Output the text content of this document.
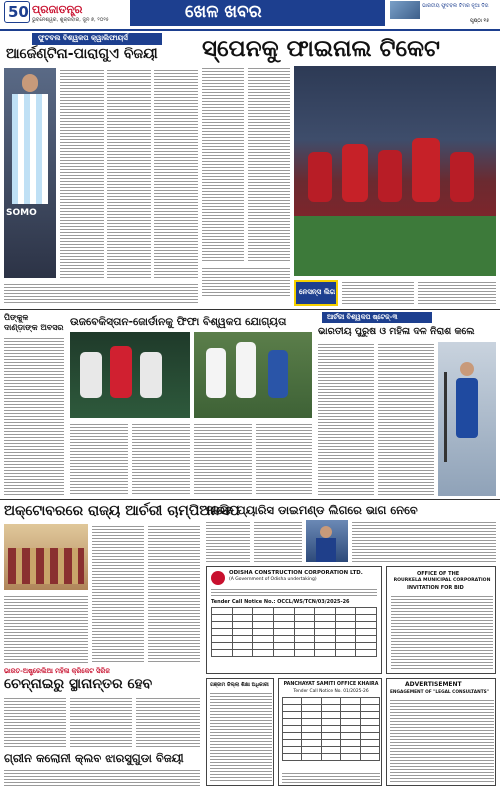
50 ପ୍ରଜାତନ୍ତ୍ର
ଭୁବନେଶ୍ୱର, ଶୁକ୍ରବାର, ଜୁନ ୭, ୨୦୨୫	ଖେଳ ଖବର	ଭାରତୀୟ ଫୁଟବଲ ଟିମର ନୂଆ ଦିଗ
ପୃଷ୍ଠା ୧୫
ଫୁଟବଲ ବିଶ୍ୱକପ କ୍ୱାଲିଫାୟର୍ସ
ଆର୍ଜେଣ୍ଟିନା-ପାରାଗୁଏ ବିଜୟୀ
SOMO
ସ୍ପେନକୁ ଫାଇନାଲ ଟିକେଟ
ନେସନ୍ସ ଲିଗ
ପିଙ୍କୁଳ ଦାଣ୍ଡ଼ାଙ୍କ ଅବସର ଉଜବେକିସ୍ତାନ-ଜୋର୍ଡାନକୁ ଫିଫା ବିଶ୍ୱକପ ଯୋଗ୍ୟତା	ଆର୍ଚରୀ ବିଶ୍ୱକପ ଷ୍ଟେଜ୍-୩
ଭାରତୀୟ ପୁରୁଷ ଓ ମହିଳା ଦଳ ନିରାଶ କଲେ
ଅକ୍ଟୋବରରେ ରାଜ୍ୟ ଆର୍ଚରୀ ଚାମ୍ପିଅନସିପ
ଭାରତ-ଅଷ୍ଟ୍ରେଲିଆ ମହିଳା କ୍ରିକେଟ ସିରିଜ
ଚେନ୍ନାଇରୁ ସ୍ଥାନାନ୍ତର ହେବ
ଗ୍ରୀନ କଲୋନୀ କ୍ଲବ ଝାରସୁଗୁଡା ବିଜୟୀ
ନୀରଜ ପ୍ୟାରିସ ଡାଇମଣ୍ଡ ଲିଗରେ ଭାଗ ନେବେ
ODISHA CONSTRUCTION CORPORATION LTD.
(A Government of Odisha undertaking)
Tender Call Notice No.: OCCL/WS/TCN/03/2025-26

OFFICE OF THE
ROURKELA MUNICIPAL CORPORATION
INVITATION FOR BID
ଗଞ୍ଜାମ ଜିଲ୍ଲା ଶିକ୍ଷା ଅଧିକାରୀ	PANCHAYAT SAMITI OFFICE KHAIRA
Tender Call Notice No. 01/2025-26

ADVERTISEMENT
ENGAGEMENT OF "LEGAL CONSULTANTS"
